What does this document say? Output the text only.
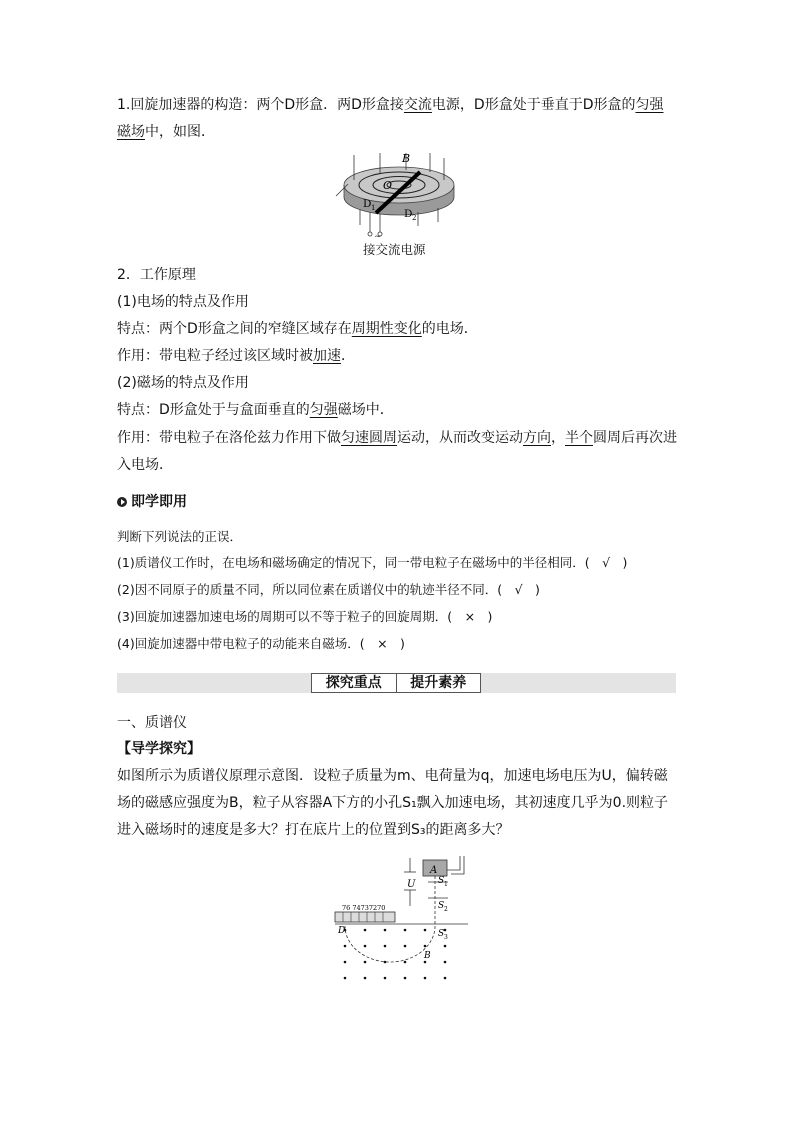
1.回旋加速器的构造：两个D形盒．两D形盒接交流电源，D形盒处于垂直于D形盒的匀强
磁场中，如图．
~
B
O
D 1	D 2
接交流电源
2．工作原理
(1)电场的特点及作用
特点：两个D形盒之间的窄缝区域存在周期性变化的电场．
作用：带电粒子经过该区域时被加速．
(2)磁场的特点及作用
特点：D形盒处于与盒面垂直的匀强磁场中．
作用：带电粒子在洛伦兹力作用下做匀速圆周运动，从而改变运动方向，半个圆周后再次进
入电场．
即学即用
判断下列说法的正误．
(1)质谱仪工作时，在电场和磁场确定的情况下，同一带电粒子在磁场中的半径相同．(　√　)
(2)因不同原子的质量不同，所以同位素在质谱仪中的轨迹半径不同．(　√　)
(3)回旋加速器加速电场的周期可以不等于粒子的回旋周期．(　×　)
(4)回旋加速器中带电粒子的动能来自磁场．(　×　)
探究重点	提升素养
一、质谱仪
【导学探究】
如图所示为质谱仪原理示意图．设粒子质量为m、电荷量为q，加速电场电压为U，偏转磁
场的磁感应强度为B，粒子从容器A下方的小孔S₁飘入加速电场，其初速度几乎为0.则粒子
进入磁场时的速度是多大？打在底片上的位置到S₃的距离多大？
A
U	S 1
S 2
S 3
D
B
76 74737270
